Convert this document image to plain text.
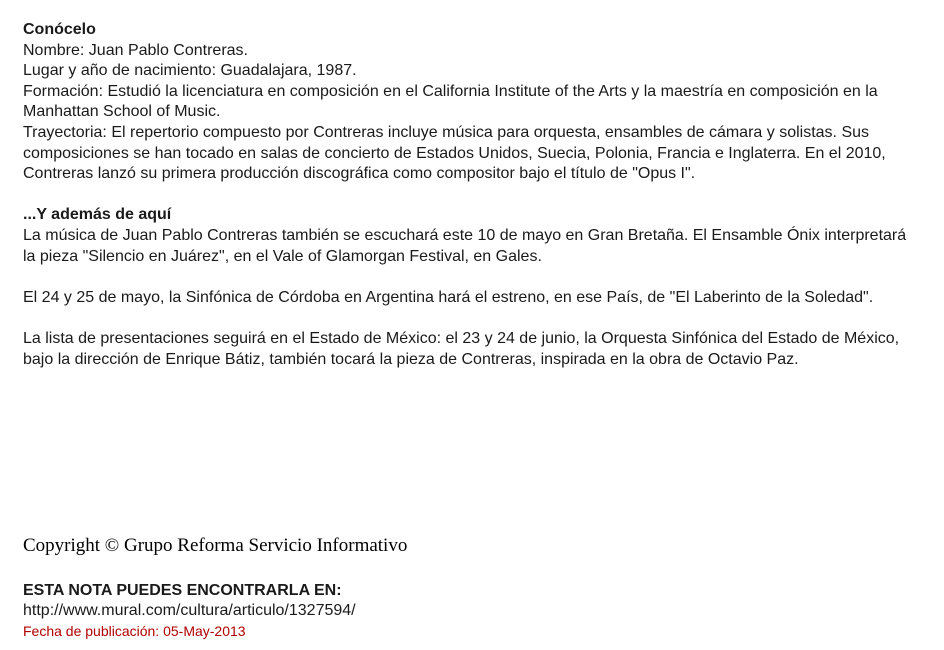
Conócelo

Nombre: Juan Pablo Contreras.

Lugar y año de nacimiento: Guadalajara, 1987.

Formación: Estudió la licenciatura en composición en el California Institute of the Arts y la maestría en composición en la Manhattan School of Music.

Trayectoria: El repertorio compuesto por Contreras incluye música para orquesta, ensambles de cámara y solistas. Sus composiciones se han tocado en salas de concierto de Estados Unidos, Suecia, Polonia, Francia e Inglaterra. En el 2010, Contreras lanzó su primera producción discográfica como compositor bajo el título de "Opus I".

...Y además de aquí

La música de Juan Pablo Contreras también se escuchará este 10 de mayo en Gran Bretaña. El Ensamble Ónix interpretará la pieza "Silencio en Juárez", en el Vale of Glamorgan Festival, en Gales.

El 24 y 25 de mayo, la Sinfónica de Córdoba en Argentina hará el estreno, en ese País, de "El Laberinto de la Soledad".

La lista de presentaciones seguirá en el Estado de México: el 23 y 24 de junio, la Orquesta Sinfónica del Estado de México, bajo la dirección de Enrique Bátiz, también tocará la pieza de Contreras, inspirada en la obra de Octavio Paz.

Copyright © Grupo Reforma Servicio Informativo
ESTA NOTA PUEDES ENCONTRARLA EN:
http://www.mural.com/cultura/articulo/1327594/
Fecha de publicación: 05-May-2013
